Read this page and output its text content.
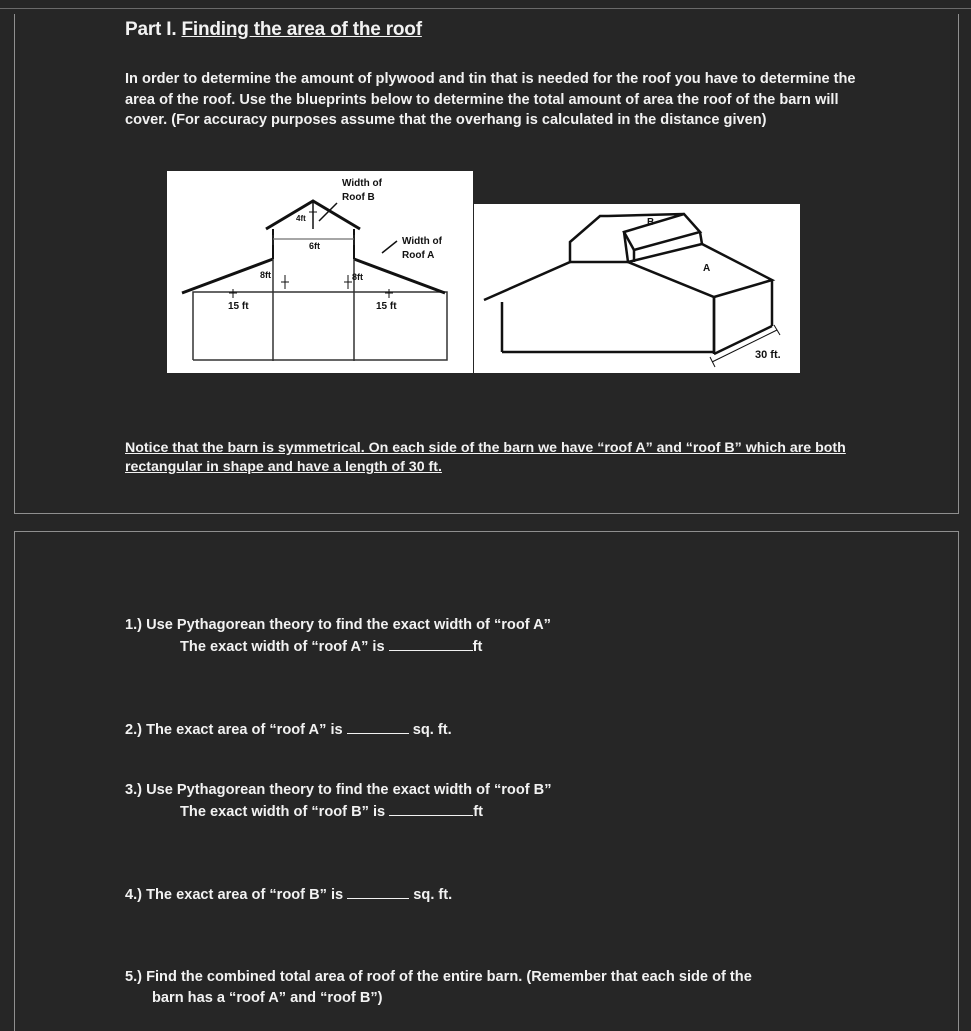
Part I. Finding the area of the roof
In order to determine the amount of plywood and tin that is needed for the roof you have to determine the area of the roof. Use the blueprints below to determine the total amount of area the roof of the barn will cover. (For accuracy purposes assume that the overhang is calculated in the distance given)
Width of
Roof B
Width of
Roof A
4ft
6ft
8ft	8ft
15 ft	15 ft
B
A
30 ft.
Notice that the barn is symmetrical. On each side of the barn we have “roof A” and “roof B” which are both rectangular in shape and have a length of 30 ft.
1.) Use Pythagorean theory to find the exact width of “roof A”
The exact width of “roof A” is	ft
2.) The exact area of “roof A” is	sq. ft.
3.) Use Pythagorean theory to find the exact width of “roof B”
The exact width of “roof B” is	ft
4.) The exact area of “roof B” is	sq. ft.
5.) Find the combined total area of roof of the entire barn. (Remember that each side of the
barn has a “roof A” and “roof B”)
